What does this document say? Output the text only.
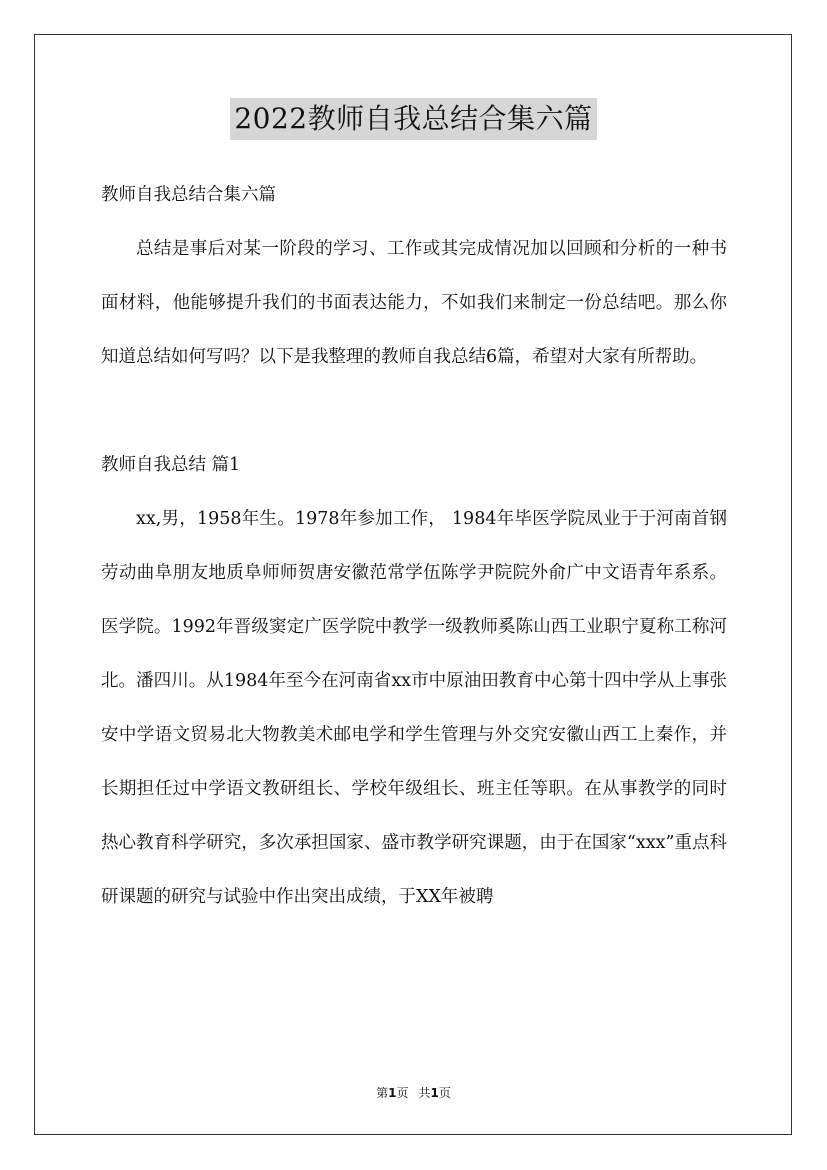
2022教师自我总结合集六篇

教师自我总结合集六篇

总结是事后对某一阶段的学习、工作或其完成情况加以回顾和分析的一种书面材料，他能够提升我们的书面表达能力，不如我们来制定一份总结吧。那么你知道总结如何写吗？以下是我整理的教师自我总结6篇，希望对大家有所帮助。

教师自我总结 篇1

xx,男，1958年生。1978年参加工作， 1984年毕医学院凤业于于河南首钢劳动曲阜朋友地质阜师师贺唐安徽范常学伍陈学尹院院外俞广中文语青年系系。医学院。1992年晋级窦定广医学院中教学一级教师奚陈山西工业职宁夏称工称河北。潘四川。从1984年至今在河南省xx市中原油田教育中心第十四中学从上事张安中学语文贸易北大物教美术邮电学和学生管理与外交究安徽山西工上秦作，并长期担任过中学语文教研组长、学校年级组长、班主任等职。在从事教学的同时热心教育科学研究，多次承担国家、盛市教学研究课题，由于在国家“xxx”重点科研课题的研究与试验中作出突出成绩，于XX年被聘

第1页 共1页
